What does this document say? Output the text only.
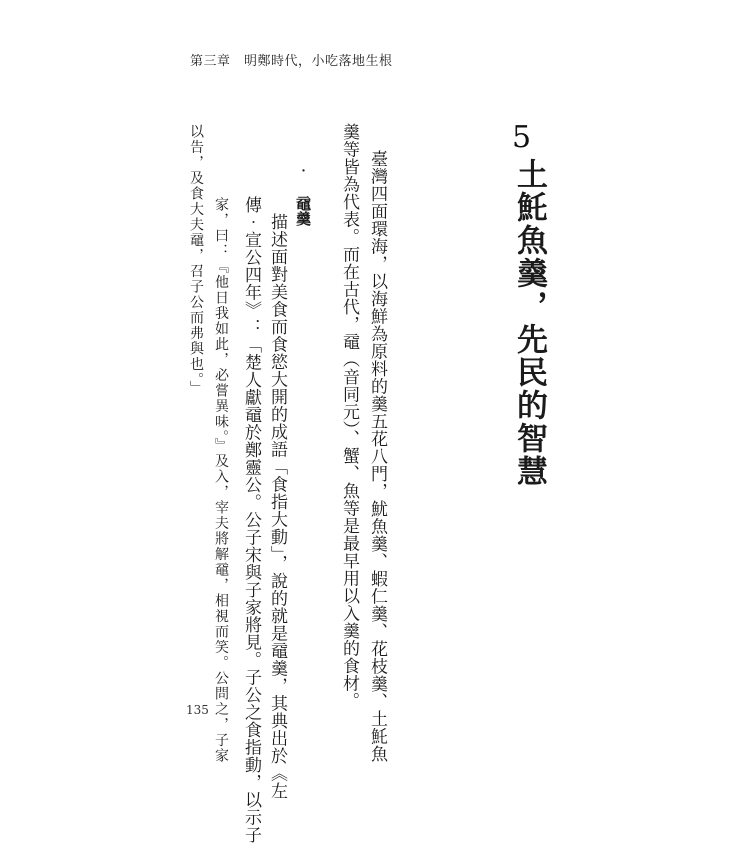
第三章　明鄭時代，小吃落地生根
5
土魠魚羹，先民的智慧
臺灣四面環海，以海鮮為原料的羹五花八門，魷魚羹、蝦仁羹、花枝羹、土魠魚
羹等皆為代表。而在古代，黿（音同元）、蟹、魚等是最早用以入羹的食材。
‧ 黿羹
描述面對美食而食慾大開的成語「食指大動」，說的就是黿羹，其典出於《左
傳‧宣公四年》：「楚人獻黿於鄭靈公。公子宋與子家將見。子公之食指動，以示子
家，曰：『他日我如此，必嘗異味。』及入，宰夫將解黿，相視而笑。公問之，子家
以告，及食大夫黿，召子公而弗與也。」
135
